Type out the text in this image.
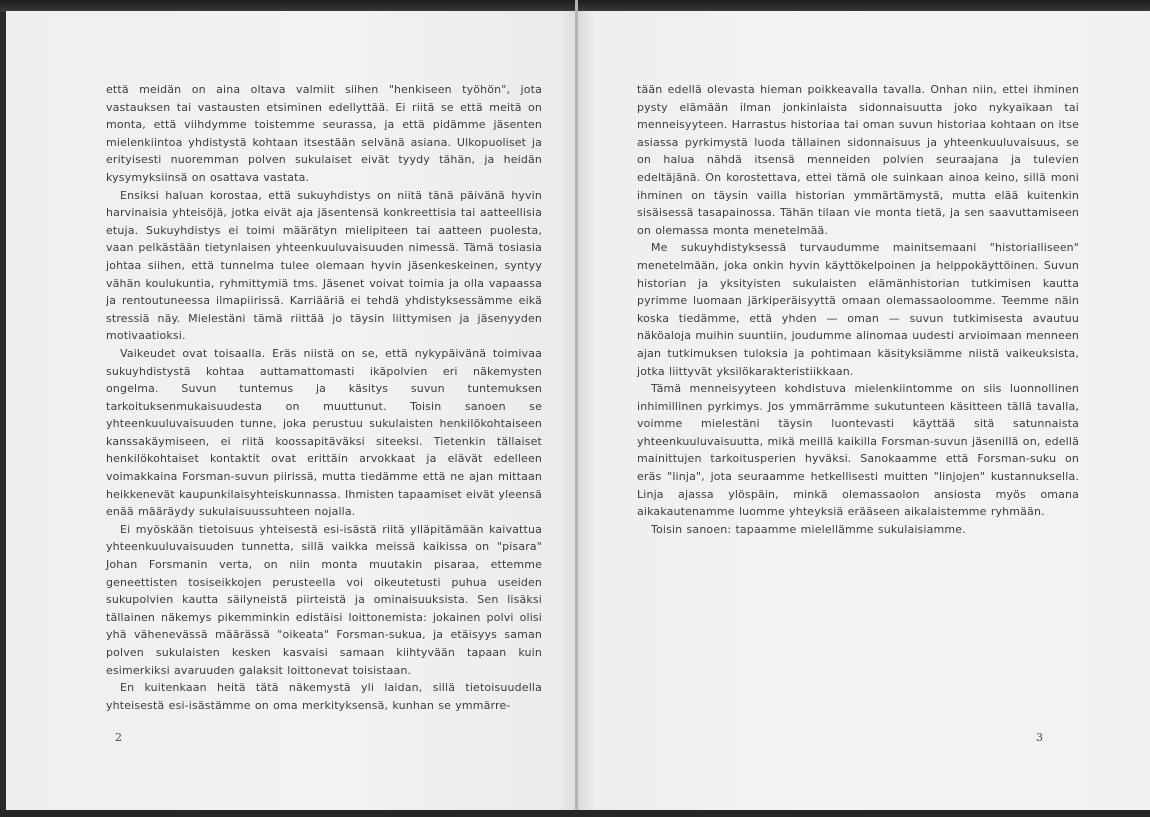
että meidän on aina oltava valmiit siihen "henkiseen työhön", jota vastauksen tai vastausten etsiminen edellyttää. Ei riitä se että meitä on monta, että viihdymme toistemme seurassa, ja että pidämme jäsenten mielenkiintoa yhdistystä kohtaan itsestään selvänä asiana. Ulkopuoliset ja erityisesti nuoremman polven sukulaiset eivät tyydy tähän, ja heidän kysymyksiinsä on osattava vastata.

Ensiksi haluan korostaa, että sukuyhdistys on niitä tänä päivänä hyvin harvinaisia yhteisöjä, jotka eivät aja jäsentensä konkreettisia tai aatteellisia etuja. Sukuyhdistys ei toimi määrätyn mielipiteen tai aatteen puolesta, vaan pelkästään tietynlaisen yhteenkuuluvaisuuden nimessä. Tämä tosiasia johtaa siihen, että tunnelma tulee olemaan hyvin jäsenkeskeinen, syntyy vähän koulukuntia, ryhmittymiä tms. Jäsenet voivat toimia ja olla vapaassa ja rentoutuneessa ilmapiirissä. Karriääriä ei tehdä yhdistyksessämme eikä stressiä näy. Mielestäni tämä riittää jo täysin liittymisen ja jäsenyyden motivaatioksi.

Vaikeudet ovat toisaalla. Eräs niistä on se, että nykypäivänä toimivaa sukuyhdistystä kohtaa auttamattomasti ikäpolvien eri näkemysten ongelma. Suvun tuntemus ja käsitys suvun tuntemuksen tarkoituksenmukaisuudesta on muuttunut. Toisin sanoen se yhteenkuuluvaisuuden tunne, joka perustuu sukulaisten henkilökohtaiseen kanssakäymiseen, ei riitä koossapitäväksi siteeksi. Tietenkin tällaiset henkilökohtaiset kontaktit ovat erittäin arvokkaat ja elävät edelleen voimakkaina Forsman-suvun piirissä, mutta tiedämme että ne ajan mittaan heikkenevät kaupunkilaisyhteiskunnassa. Ihmisten tapaamiset eivät yleensä enää määräydy sukulaisuussuhteen nojalla.

Ei myöskään tietoisuus yhteisestä esi-isästä riitä ylläpitämään kaivattua yhteenkuuluvaisuuden tunnetta, sillä vaikka meissä kaikissa on "pisara" Johan Forsmanin verta, on niin monta muutakin pisaraa, ettemme geneettisten tosiseikkojen perusteella voi oikeutetusti puhua useiden sukupolvien kautta säilyneistä piirteistä ja ominaisuuksista. Sen lisäksi tällainen näkemys pikemminkin edistäisi loittonemista: jokainen polvi olisi yhä vähenevässä määrässä "oikeata" Forsman-sukua, ja etäisyys saman polven sukulaisten kesken kasvaisi samaan kiihtyvään tapaan kuin esimerkiksi avaruuden galaksit loittonevat toisistaan.

En kuitenkaan heitä tätä näkemystä yli laidan, sillä tietoisuudella yhteisestä esi-isästämme on oma merkityksensä, kunhan se ymmärre-

2

tään edellä olevasta hieman poikkeavalla tavalla. Onhan niin, ettei ihminen pysty elämään ilman jonkinlaista sidonnaisuutta joko nykyaikaan tai menneisyyteen. Harrastus historiaa tai oman suvun historiaa kohtaan on itse asiassa pyrkimystä luoda tällainen sidonnaisuus ja yhteenkuuluvaisuus, se on halua nähdä itsensä menneiden polvien seuraajana ja tulevien edeltäjänä. On korostettava, ettei tämä ole suinkaan ainoa keino, sillä moni ihminen on täysin vailla historian ymmärtämystä, mutta elää kuitenkin sisäisessä tasapainossa. Tähän tilaan vie monta tietä, ja sen saavuttamiseen on olemassa monta menetelmää.

Me sukuyhdistyksessä turvaudumme mainitsemaani "historialliseen" menetelmään, joka onkin hyvin käyttökelpoinen ja helppokäyttöinen. Suvun historian ja yksityisten sukulaisten elämänhistorian tutkimisen kautta pyrimme luomaan järkiperäisyyttä omaan olemassaoloomme. Teemme näin koska tiedämme, että yhden — oman — suvun tutkimisesta avautuu näköaloja muihin suuntiin, joudumme alinomaa uudesti arvioimaan menneen ajan tutkimuksen tuloksia ja pohtimaan käsityksiämme niistä vaikeuksista, jotka liittyvät yksilökarakteristiikkaan.

Tämä menneisyyteen kohdistuva mielenkiintomme on siis luonnollinen inhimillinen pyrkimys. Jos ymmärrämme sukutunteen käsitteen tällä tavalla, voimme mielestäni täysin luontevasti käyttää sitä satunnaista yhteenkuuluvaisuutta, mikä meillä kaikilla Forsman-suvun jäsenillä on, edellä mainittujen tarkoitusperien hyväksi. Sanokaamme että Forsman-suku on eräs "linja", jota seuraamme hetkellisesti muitten "linjojen" kustannuksella. Linja ajassa ylöspäin, minkä olemassaolon ansiosta myös omana aikakautenamme luomme yhteyksiä erääseen aikalaistemme ryhmään.

Toisin sanoen: tapaamme mielellämme sukulaisiamme.

3
